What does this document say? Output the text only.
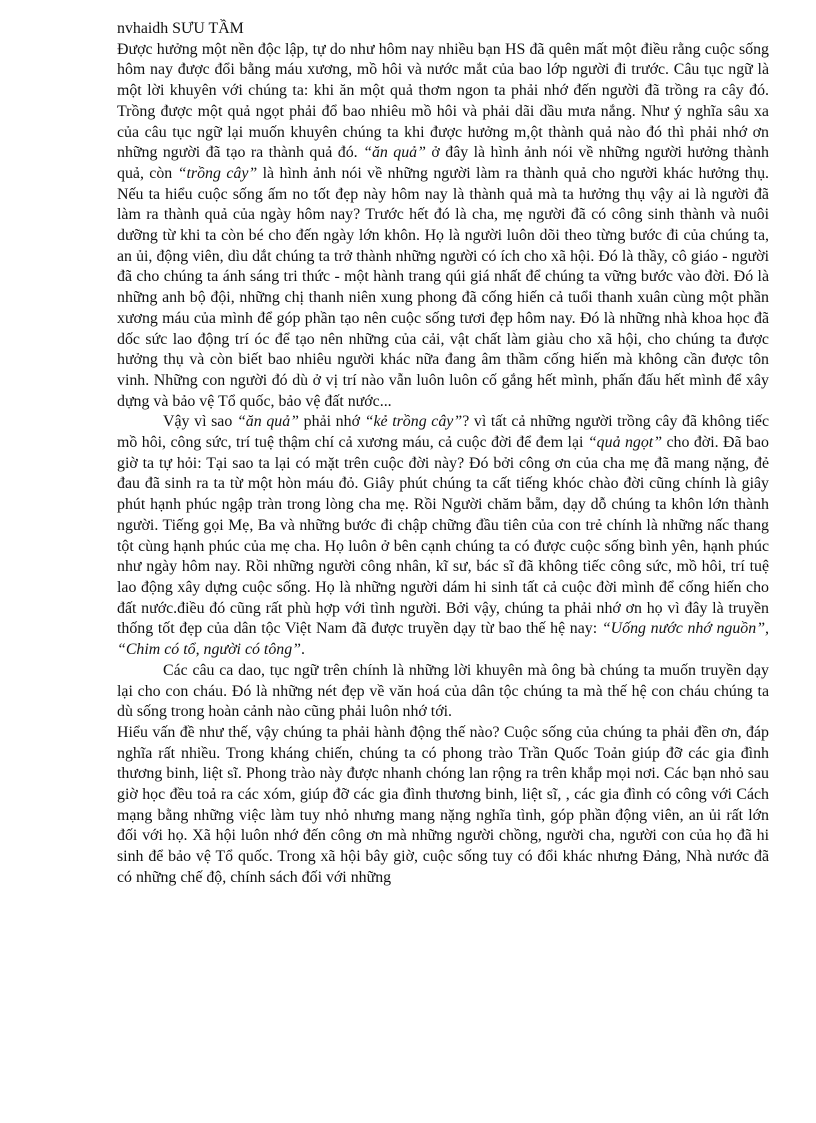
nvhaidh SƯU TẦM

Được hưởng một nền độc lập, tự do như hôm nay nhiều bạn HS đã quên mất một điều rằng cuộc sống hôm nay được đổi bằng máu xương, mồ hôi và nước mắt của bao lớp người đi trước. Câu tục ngữ là một lời khuyên với chúng ta: khi ăn một quả thơm ngon ta phải nhớ đến người đã trồng ra cây đó. Trồng được một quả ngọt phải đổ bao nhiêu mồ hôi và phải dãi dầu mưa nắng. Như ý nghĩa sâu xa của câu tục ngữ lại muốn khuyên chúng ta khi được hưởng m,ột thành quả nào đó thì phải nhớ ơn những người đã tạo ra thành quả đó. “ăn quả” ở đây là hình ảnh nói về những người hưởng thành quả, còn “trồng cây” là hình ảnh nói về những người làm ra thành quả cho người khác hưởng thụ. Nếu ta hiểu cuộc sống ấm no tốt đẹp này hôm nay là thành quả mà ta hưởng thụ vậy ai là người đã làm ra thành quả của ngày hôm nay? Trước hết đó là cha, mẹ người đã có công sinh thành và nuôi dưỡng từ khi ta còn bé cho đến ngày lớn khôn. Họ là người luôn dõi theo từng bước đi của chúng ta, an ủi, động viên, dìu dắt chúng ta trở thành những người có ích cho xã hội. Đó là thầy, cô giáo - người đã cho chúng ta ánh sáng tri thức - một hành trang qúi giá nhất để chúng ta vững bước vào đời. Đó là những anh bộ đội, những chị thanh niên xung phong đã cống hiến cả tuổi thanh xuân cùng một phần xương máu của mình để góp phần tạo nên cuộc sống tươi đẹp hôm nay. Đó là những nhà khoa học đã dốc sức lao động trí óc để tạo nên những của cải, vật chất làm giàu cho xã hội, cho chúng ta được hưởng thụ và còn biết bao nhiêu người khác nữa đang âm thầm cống hiến mà không cần được tôn vinh. Những con người đó dù ở vị trí nào vẫn luôn luôn cố gắng hết mình, phấn đấu hết mình để xây dựng và bảo vệ Tổ quốc, bảo vệ đất nước...

Vậy vì sao “ăn quả” phải nhớ “kẻ trồng cây”? vì tất cả những người trồng cây đã không tiếc mồ hôi, công sức, trí tuệ thậm chí cả xương máu, cả cuộc đời để đem lại “quả ngọt” cho đời. Đã bao giờ ta tự hỏi: Tại sao ta lại có mặt trên cuộc đời này? Đó bởi công ơn của cha mẹ đã mang nặng, đẻ đau đã sinh ra ta từ một hòn máu đỏ. Giây phút chúng ta cất tiếng khóc chào đời cũng chính là giây phút hạnh phúc ngập tràn trong lòng cha mẹ. Rồi Người chăm bẵm, dạy dỗ chúng ta khôn lớn thành người. Tiếng gọi Mẹ, Ba và những bước đi chập chững đầu tiên của con trẻ chính là những nấc thang tột cùng hạnh phúc của mẹ cha. Họ luôn ở bên cạnh chúng ta có được cuộc sống bình yên, hạnh phúc như ngày hôm nay. Rồi những người công nhân, kĩ sư, bác sĩ đã không tiếc công sức, mồ hôi, trí tuệ lao động xây dựng cuộc sống. Họ là những người dám hi sinh tất cả cuộc đời mình để cống hiến cho đất nước.điều đó cũng rất phù hợp với tình người. Bởi vậy, chúng ta phải nhớ ơn họ vì đây là truyền thống tốt đẹp của dân tộc Việt Nam đã được truyền dạy từ bao thế hệ nay: “Uống nước nhớ nguồn”, “Chim có tổ, người có tông”.

Các câu ca dao, tục ngữ trên chính là những lời khuyên mà ông bà chúng ta muốn truyền dạy lại cho con cháu. Đó là những nét đẹp về văn hoá của dân tộc chúng ta mà thế hệ con cháu chúng ta dù sống trong hoàn cảnh nào cũng phải luôn nhớ tới.

Hiểu vấn đề như thế, vậy chúng ta phải hành động thế nào? Cuộc sống của chúng ta phải đền ơn, đáp nghĩa rất nhiều. Trong kháng chiến, chúng ta có phong trào Trần Quốc Toản giúp đỡ các gia đình thương binh, liệt sĩ. Phong trào này được nhanh chóng lan rộng ra trên khắp mọi nơi. Các bạn nhỏ sau giờ học đều toả ra các xóm, giúp đỡ các gia đình thương binh, liệt sĩ, , các gia đình có công với Cách mạng bằng những việc làm tuy nhỏ nhưng mang nặng nghĩa tình, góp phần động viên, an ủi rất lớn đối với họ. Xã hội luôn nhớ đến công ơn mà những người chồng, người cha, người con của họ đã hi sinh để bảo vệ Tổ quốc. Trong xã hội bây giờ, cuộc sống tuy có đổi khác nhưng Đảng, Nhà nước đã có những chế độ, chính sách đối với những
